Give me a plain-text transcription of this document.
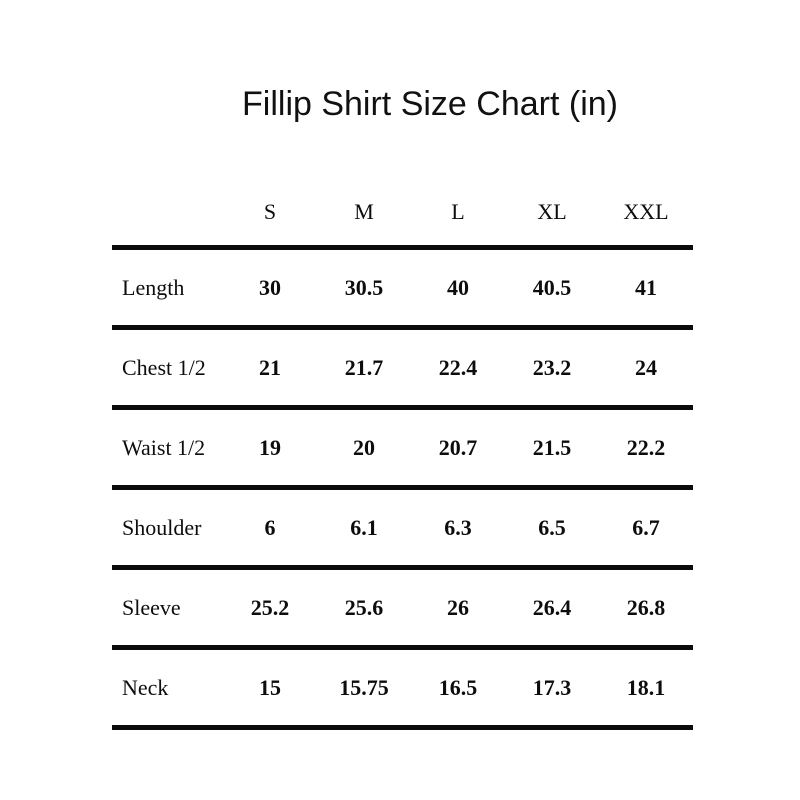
Fillip Shirt Size Chart (in)
	S	M	L	XL	XXL
Length	30	30.5	40	40.5	41
Chest 1/2	21	21.7	22.4	23.2	24
Waist 1/2	19	20	20.7	21.5	22.2
Shoulder	6	6.1	6.3	6.5	6.7
Sleeve	25.2	25.6	26	26.4	26.8
Neck	15	15.75	16.5	17.3	18.1
